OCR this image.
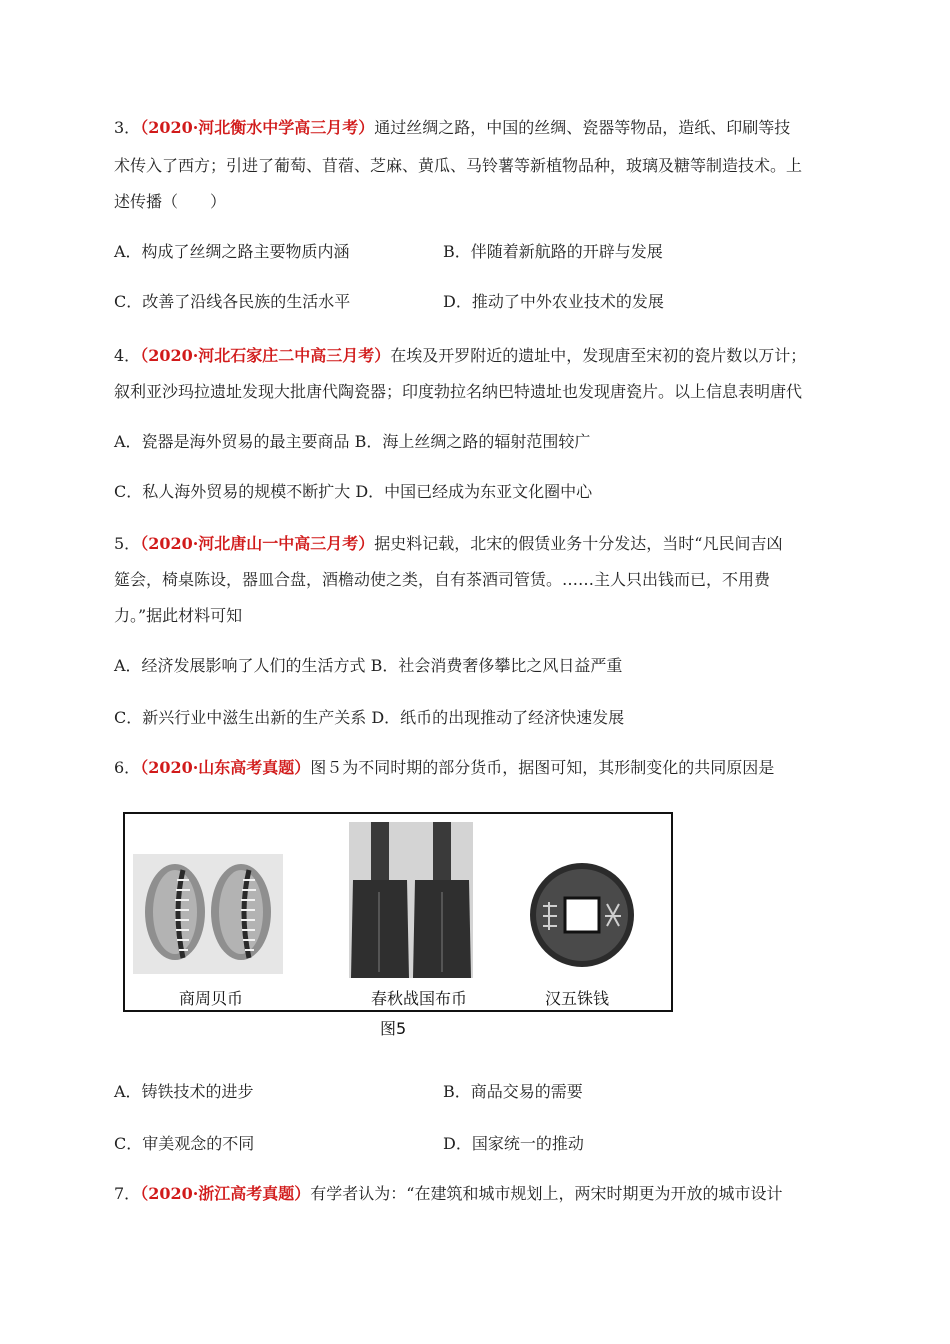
3．（2020·河北衡水中学高三月考）通过丝绸之路，中国的丝绸、瓷器等物品，造纸、印刷等技
术传入了西方；引进了葡萄、苜蓿、芝麻、黄瓜、马铃薯等新植物品种，玻璃及糖等制造技术。上
述传播（　　）
A．构成了丝绸之路主要物质内涵	B．伴随着新航路的开辟与发展
C．改善了沿线各民族的生活水平	D．推动了中外农业技术的发展
4．（2020·河北石家庄二中高三月考）在埃及开罗附近的遗址中，发现唐至宋初的瓷片数以万计；
叙利亚沙玛拉遗址发现大批唐代陶瓷器；印度勃拉名纳巴特遗址也发现唐瓷片。以上信息表明唐代
A．瓷器是海外贸易的最主要商品 B．海上丝绸之路的辐射范围较广
C．私人海外贸易的规模不断扩大 D．中国已经成为东亚文化圈中心
5．（2020·河北唐山一中高三月考）据史料记载，北宋的假赁业务十分发达，当时“凡民间吉凶
筵会，椅桌陈设，器皿合盘，酒檐动使之类，自有茶酒司管赁。……主人只出钱而已，不用费
力。”据此材料可知
A．经济发展影响了人们的生活方式 B．社会消费奢侈攀比之风日益严重
C．新兴行业中滋生出新的生产关系 D．纸币的出现推动了经济快速发展
6．（2020·山东高考真题）图５为不同时期的部分货币，据图可知，其形制变化的共同原因是
商周贝币	春秋战国布币	汉五铢钱
图5
A．铸铁技术的进步	B．商品交易的需要
C．审美观念的不同	D．国家统一的推动
7．（2020·浙江高考真题）有学者认为：“在建筑和城市规划上，两宋时期更为开放的城市设计
